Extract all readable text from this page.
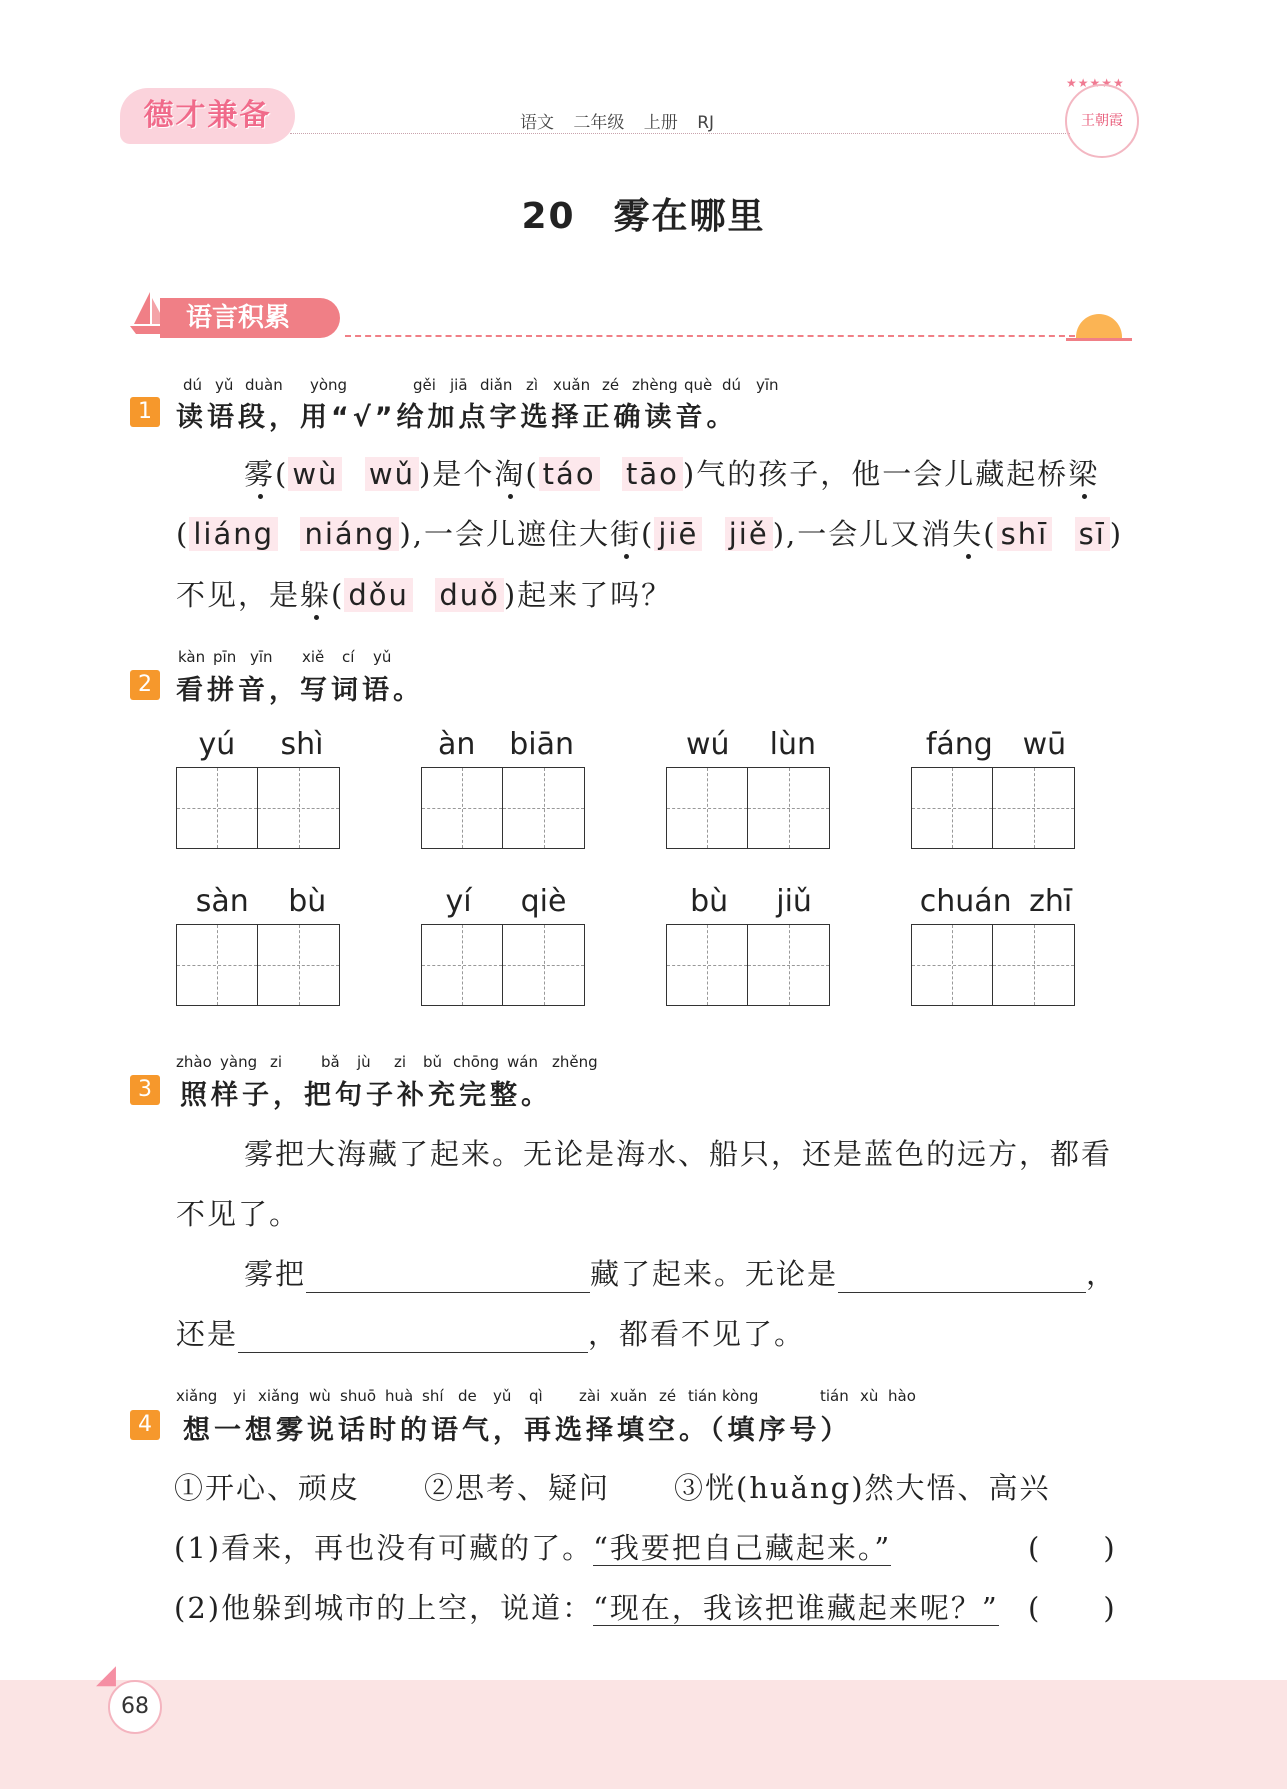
德才兼备	语文 二年级 上册 RJ
★★★★★
王朝霞
20　雾在哪里
语言积累
1
dú yǔ duàn yòng	gěi jiā diǎn zì xuǎn zé zhèng què dú yīn
读语段，用“√”给加点字选择正确读音。
雾( wù wǔ )是个淘( táo tāo )气的孩子，他一会儿藏起桥梁
( liáng niáng ),一会儿遮住大街( jiē jiě ),一会儿又消失( shī sī )
不见，是躲( dǒu duǒ )起来了吗？
2
kàn pīn yīn xiě cí yǔ
看拼音，写词语。
yú shì	àn biān	wú lùn	fáng wū
sàn bù	yí qiè	bù jiǔ	chuán zhī
3
zhào yàng zi	bǎ jù zi bǔ chōng wán zhěng
照样子，把句子补充完整。
雾把大海藏了起来。无论是海水、船只，还是蓝色的远方，都看
不见了。
雾把	藏了起来。无论是	，
还是	，都看不见了。
4
xiǎng yi xiǎng wù shuō huà shí de yǔ qì zài xuǎn zé tián kòng	tián xù hào
想一想雾说话时的语气，再选择填空。（填序号）
①开心、顽皮 ②思考、疑问 ③恍(huǎng)然大悟、高兴
(1)看来，再也没有可藏的了。“我要把自己藏起来。”	(　　)
(2)他躲到城市的上空，说道：“现在，我该把谁藏起来呢？” (　　)
◢
68
